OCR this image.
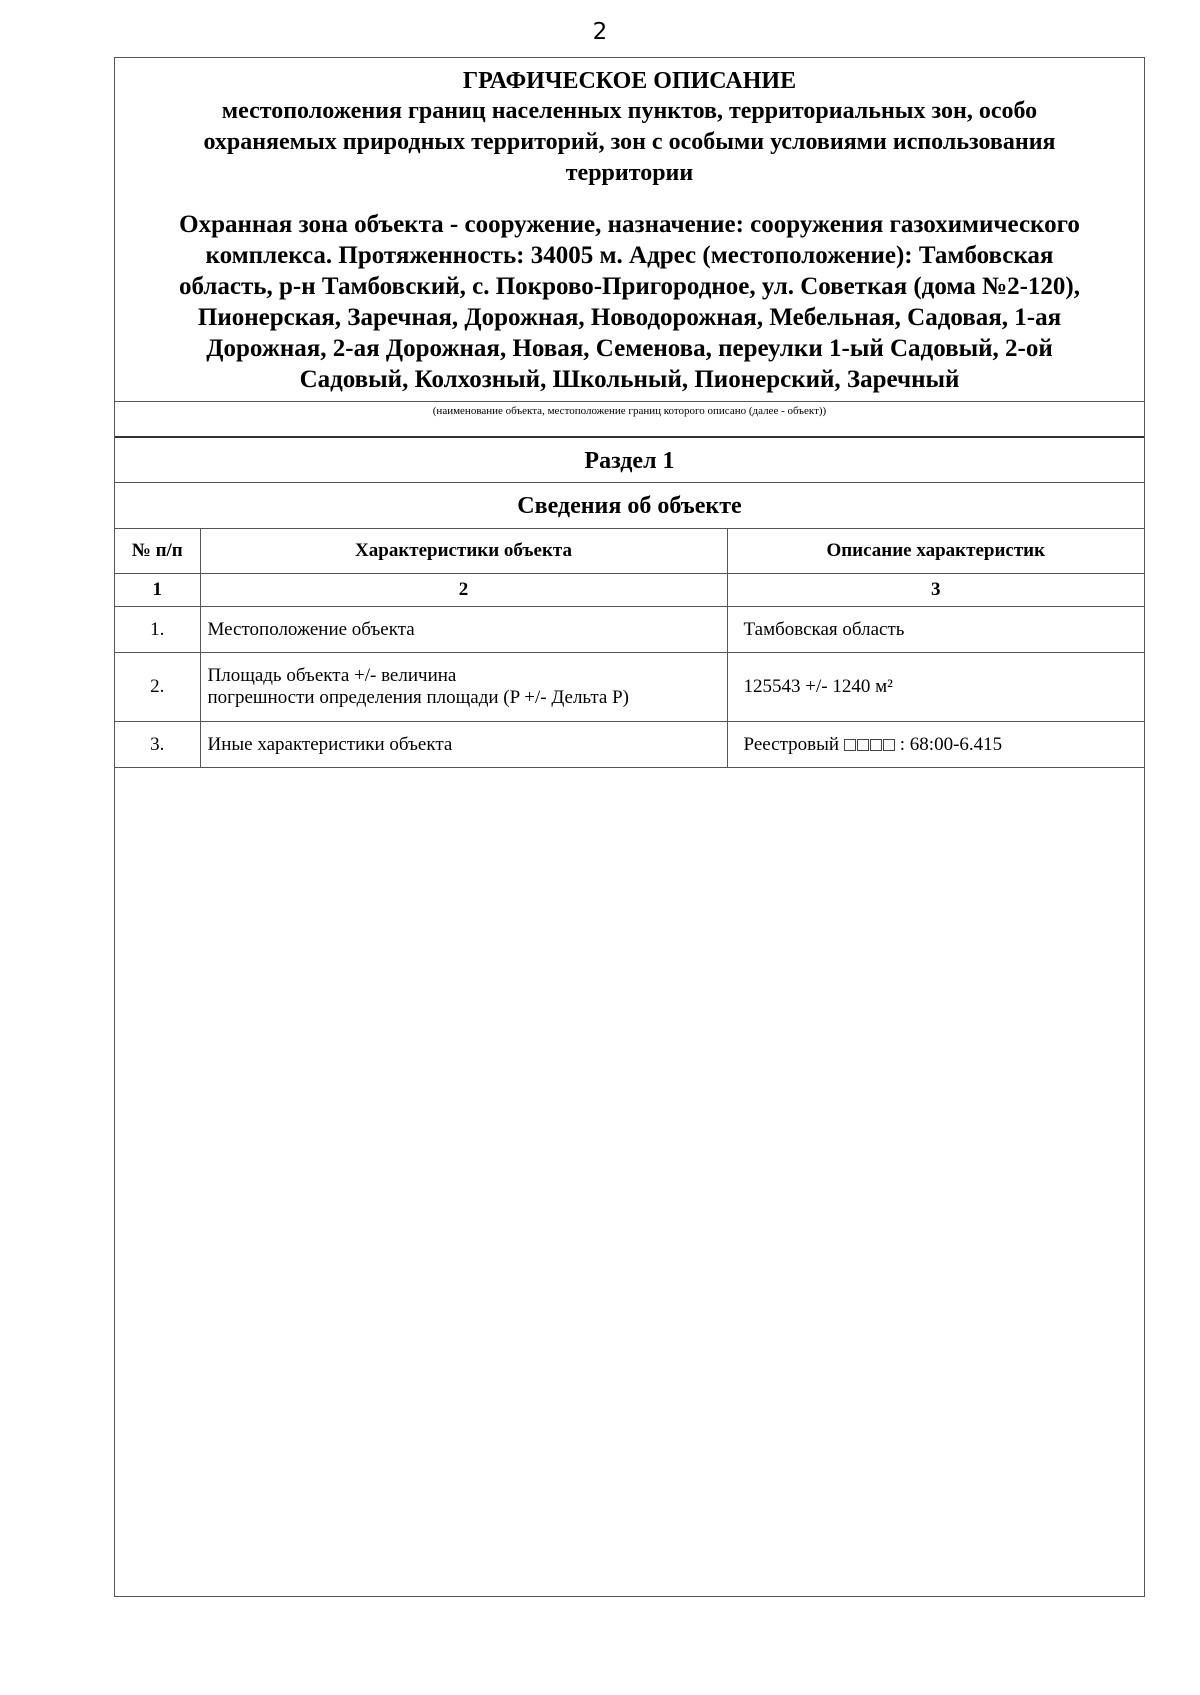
2
ГРАФИЧЕСКОЕ ОПИСАНИЕ
местоположения границ населенных пунктов, территориальных зон, особо
охраняемых природных территорий, зон с особыми условиями использования
территории
Охранная зона объекта - сооружение, назначение: сооружения газохимического
комплекса. Протяженность: 34005 м. Адрес (местоположение): Тамбовская
область, р-н Тамбовский, с. Покрово-Пригородное, ул. Советкая (дома №2-120),
Пионерская, Заречная, Дорожная, Новодорожная, Мебельная, Садовая, 1-ая
Дорожная, 2-ая Дорожная, Новая, Семенова, переулки 1-ый Садовый, 2-ой
Садовый, Колхозный, Школьный, Пионерский, Заречный
(наименование объекта, местоположение границ которого описано (далее - объект))
Раздел 1
Сведения об объекте
№ п/п	Характеристики объекта	Описание характеристик
1	2	3
1.	Местоположение объекта	Тамбовская область
2.	Площадь объекта +/- величина
погрешности определения площади (P +/- Дельта P)	125543 +/- 1240 м²
3.	Иные характеристики объекта	Реестровый : 68:00-6.415
